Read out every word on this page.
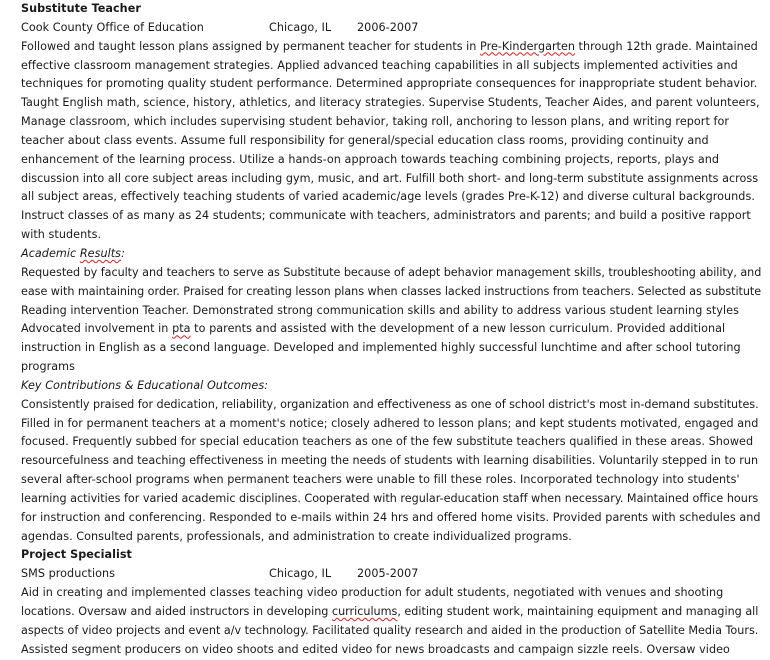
Substitute Teacher
Cook County Office of Education	Chicago, IL 2006-2007
Followed and taught lesson plans assigned by permanent teacher for students in Pre-Kindergarten through 12th grade. Maintained
effective classroom management strategies. Applied advanced teaching capabilities in all subjects implemented activities and
techniques for promoting quality student performance. Determined appropriate consequences for inappropriate student behavior.
Taught English math, science, history, athletics, and literacy strategies. Supervise Students, Teacher Aides, and parent volunteers,
Manage classroom, which includes supervising student behavior, taking roll, anchoring to lesson plans, and writing report for
teacher about class events. Assume full responsibility for general/special education class rooms, providing continuity and
enhancement of the learning process. Utilize a hands-on approach towards teaching combining projects, reports, plays and
discussion into all core subject areas including gym, music, and art. Fulfill both short- and long-term substitute assignments across
all subject areas, effectively teaching students of varied academic/age levels (grades Pre-K-12) and diverse cultural backgrounds.
Instruct classes of as many as 24 students; communicate with teachers, administrators and parents; and build a positive rapport
with students.
Academic Results:
Requested by faculty and teachers to serve as Substitute because of adept behavior management skills, troubleshooting ability, and
ease with maintaining order. Praised for creating lesson plans when classes lacked instructions from teachers. Selected as substitute
Reading intervention Teacher. Demonstrated strong communication skills and ability to address various student learning styles
Advocated involvement in pta to parents and assisted with the development of a new lesson curriculum. Provided additional
instruction in English as a second language. Developed and implemented highly successful lunchtime and after school tutoring
programs
Key Contributions & Educational Outcomes:
Consistently praised for dedication, reliability, organization and effectiveness as one of school district's most in-demand substitutes.
Filled in for permanent teachers at a moment's notice; closely adhered to lesson plans; and kept students motivated, engaged and
focused. Frequently subbed for special education teachers as one of the few substitute teachers qualified in these areas. Showed
resourcefulness and teaching effectiveness in meeting the needs of students with learning disabilities. Voluntarily stepped in to run
several after-school programs when permanent teachers were unable to fill these roles. Incorporated technology into students'
learning activities for varied academic disciplines. Cooperated with regular-education staff when necessary. Maintained office hours
for instruction and conferencing. Responded to e-mails within 24 hrs and offered home visits. Provided parents with schedules and
agendas. Consulted parents, professionals, and administration to create individualized programs.
Project Specialist
SMS productions	Chicago, IL 2005-2007
Aid in creating and implemented classes teaching video production for adult students, negotiated with venues and shooting
locations. Oversaw and aided instructors in developing curriculums, editing student work, maintaining equipment and managing all
aspects of video projects and event a/v technology. Facilitated quality research and aided in the production of Satellite Media Tours.
Assisted segment producers on video shoots and edited video for news broadcasts and campaign sizzle reels. Oversaw video
